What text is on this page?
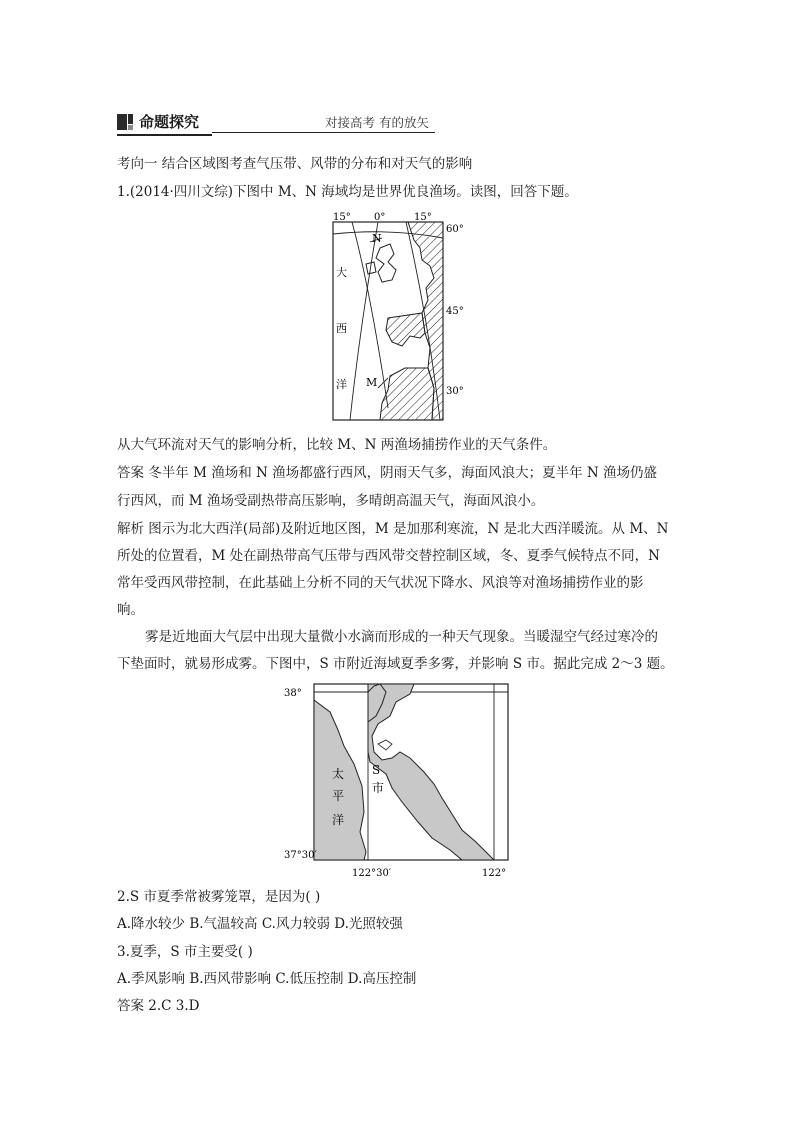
命题探究	对接高考 有的放矢
考向一 结合区域图考查气压带、风带的分布和对天气的影响
1.(2014·四川文综)下图中 M、N 海域均是世界优良渔场。读图，回答下题。
15° 0°	15°
60°
45°
30°
N
M
大
西
洋
从大气环流对天气的影响分析，比较 M、N 两渔场捕捞作业的天气条件。
答案 冬半年 M 渔场和 N 渔场都盛行西风，阴雨天气多，海面风浪大；夏半年 N 渔场仍盛
行西风，而 M 渔场受副热带高压影响，多晴朗高温天气，海面风浪小。
解析 图示为北大西洋(局部)及附近地区图，M 是加那利寒流，N 是北大西洋暖流。从 M、N
所处的位置看，M 处在副热带高气压带与西风带交替控制区域，冬、夏季气候特点不同，N
常年受西风带控制，在此基础上分析不同的天气状况下降水、风浪等对渔场捕捞作业的影
响。
雾是近地面大气层中出现大量微小水滴而形成的一种天气现象。当暖湿空气经过寒冷的
下垫面时，就易形成雾。下图中，S 市附近海域夏季多雾，并影响 S 市。据此完成 2～3 题。
38°
37°30′
122°30′	122°
S
市
太
平
洋
2.S 市夏季常被雾笼罩，是因为( )
A.降水较少 B.气温较高 C.风力较弱 D.光照较强
3.夏季，S 市主要受( )
A.季风影响 B.西风带影响 C.低压控制 D.高压控制
答案 2.C 3.D
